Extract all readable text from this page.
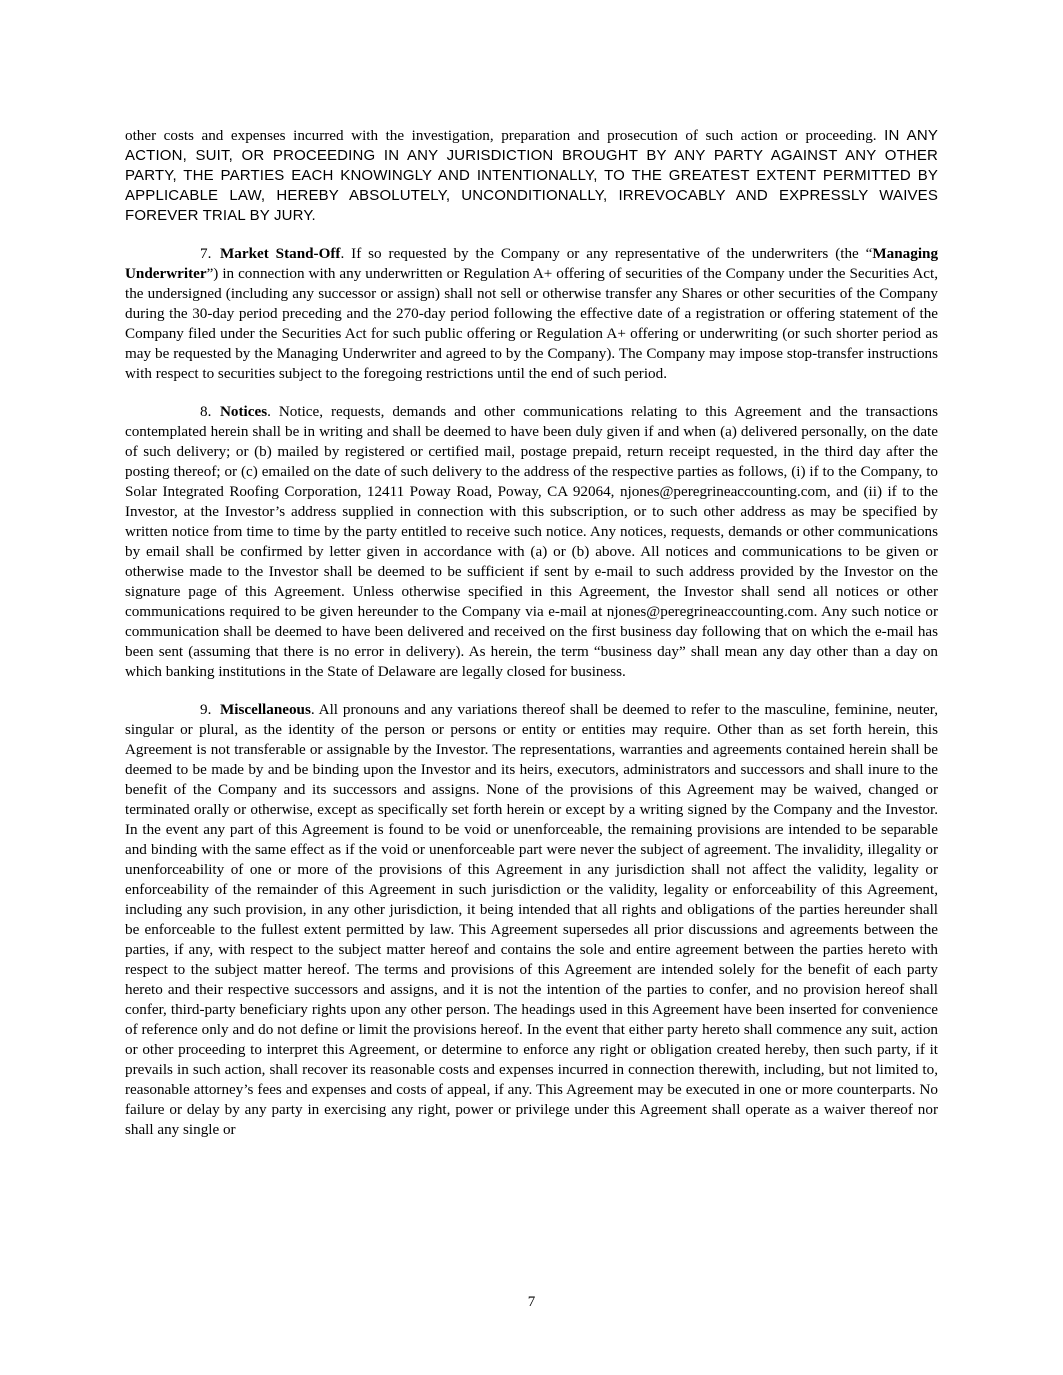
other costs and expenses incurred with the investigation, preparation and prosecution of such action or proceeding. IN ANY ACTION, SUIT, OR PROCEEDING IN ANY JURISDICTION BROUGHT BY ANY PARTY AGAINST ANY OTHER PARTY, THE PARTIES EACH KNOWINGLY AND INTENTIONALLY, TO THE GREATEST EXTENT PERMITTED BY APPLICABLE LAW, HEREBY ABSOLUTELY, UNCONDITIONALLY, IRREVOCABLY AND EXPRESSLY WAIVES FOREVER TRIAL BY JURY.

7. Market Stand-Off. If so requested by the Company or any representative of the underwriters (the “Managing Underwriter”) in connection with any underwritten or Regulation A+ offering of securities of the Company under the Securities Act, the undersigned (including any successor or assign) shall not sell or otherwise transfer any Shares or other securities of the Company during the 30-day period preceding and the 270-day period following the effective date of a registration or offering statement of the Company filed under the Securities Act for such public offering or Regulation A+ offering or underwriting (or such shorter period as may be requested by the Managing Underwriter and agreed to by the Company). The Company may impose stop-transfer instructions with respect to securities subject to the foregoing restrictions until the end of such period.

8. Notices. Notice, requests, demands and other communications relating to this Agreement and the transactions contemplated herein shall be in writing and shall be deemed to have been duly given if and when (a) delivered personally, on the date of such delivery; or (b) mailed by registered or certified mail, postage prepaid, return receipt requested, in the third day after the posting thereof; or (c) emailed on the date of such delivery to the address of the respective parties as follows, (i) if to the Company, to Solar Integrated Roofing Corporation, 12411 Poway Road, Poway, CA 92064, njones@peregrineaccounting.com, and (ii) if to the Investor, at the Investor’s address supplied in connection with this subscription, or to such other address as may be specified by written notice from time to time by the party entitled to receive such notice. Any notices, requests, demands or other communications by email shall be confirmed by letter given in accordance with (a) or (b) above. All notices and communications to be given or otherwise made to the Investor shall be deemed to be sufficient if sent by e-mail to such address provided by the Investor on the signature page of this Agreement. Unless otherwise specified in this Agreement, the Investor shall send all notices or other communications required to be given hereunder to the Company via e-mail at njones@peregrineaccounting.com. Any such notice or communication shall be deemed to have been delivered and received on the first business day following that on which the e-mail has been sent (assuming that there is no error in delivery). As herein, the term “business day” shall mean any day other than a day on which banking institutions in the State of Delaware are legally closed for business.

9. Miscellaneous. All pronouns and any variations thereof shall be deemed to refer to the masculine, feminine, neuter, singular or plural, as the identity of the person or persons or entity or entities may require. Other than as set forth herein, this Agreement is not transferable or assignable by the Investor. The representations, warranties and agreements contained herein shall be deemed to be made by and be binding upon the Investor and its heirs, executors, administrators and successors and shall inure to the benefit of the Company and its successors and assigns. None of the provisions of this Agreement may be waived, changed or terminated orally or otherwise, except as specifically set forth herein or except by a writing signed by the Company and the Investor. In the event any part of this Agreement is found to be void or unenforceable, the remaining provisions are intended to be separable and binding with the same effect as if the void or unenforceable part were never the subject of agreement. The invalidity, illegality or unenforceability of one or more of the provisions of this Agreement in any jurisdiction shall not affect the validity, legality or enforceability of the remainder of this Agreement in such jurisdiction or the validity, legality or enforceability of this Agreement, including any such provision, in any other jurisdiction, it being intended that all rights and obligations of the parties hereunder shall be enforceable to the fullest extent permitted by law. This Agreement supersedes all prior discussions and agreements between the parties, if any, with respect to the subject matter hereof and contains the sole and entire agreement between the parties hereto with respect to the subject matter hereof. The terms and provisions of this Agreement are intended solely for the benefit of each party hereto and their respective successors and assigns, and it is not the intention of the parties to confer, and no provision hereof shall confer, third-party beneficiary rights upon any other person. The headings used in this Agreement have been inserted for convenience of reference only and do not define or limit the provisions hereof. In the event that either party hereto shall commence any suit, action or other proceeding to interpret this Agreement, or determine to enforce any right or obligation created hereby, then such party, if it prevails in such action, shall recover its reasonable costs and expenses incurred in connection therewith, including, but not limited to, reasonable attorney’s fees and expenses and costs of appeal, if any. This Agreement may be executed in one or more counterparts. No failure or delay by any party in exercising any right, power or privilege under this Agreement shall operate as a waiver thereof nor shall any single or

7
